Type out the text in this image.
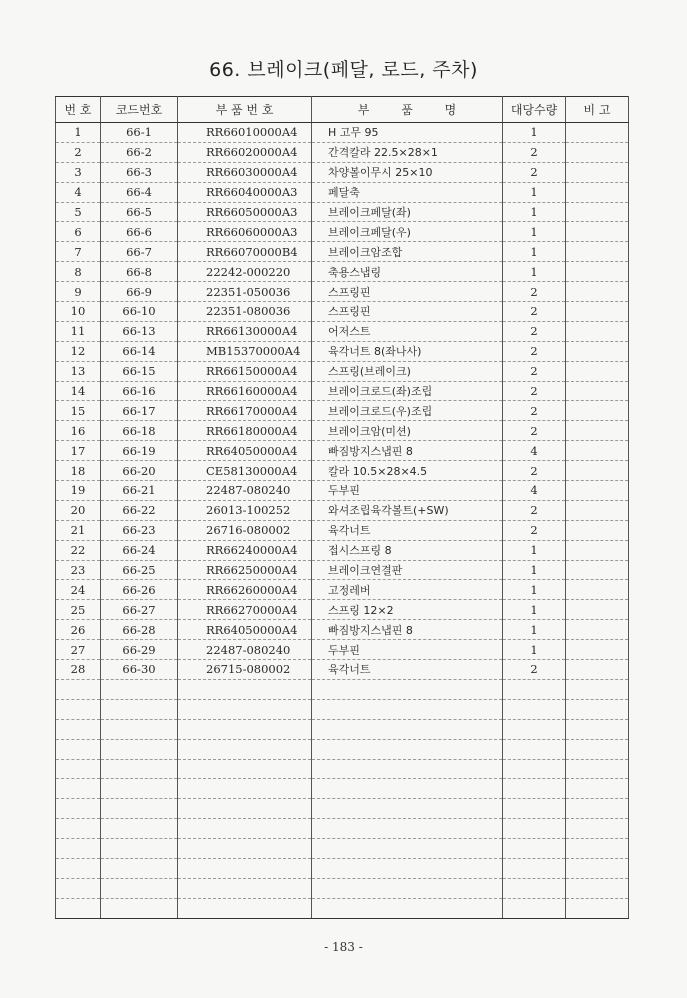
66. 브레이크(페달, 로드, 주차)
번 호	코드번호	부 품 번 호	부 품 명	대당수량	비 고
1	66-1	RR66010000A4	H 고무 95	1	
2	66-2	RR66020000A4	간격칼라 22.5×28×1	2	
3	66-3	RR66030000A4	차양볼이무시 25×10	2	
4	66-4	RR66040000A3	페달축	1	
5	66-5	RR66050000A3	브레이크페달(좌)	1	
6	66-6	RR66060000A3	브레이크페달(우)	1	
7	66-7	RR66070000B4	브레이크암조합	1	
8	66-8	22242-000220	축용스냅링	1	
9	66-9	22351-050036	스프링핀	2	
10	66-10	22351-080036	스프링핀	2	
11	66-13	RR66130000A4	어저스트	2	
12	66-14	MB15370000A4	육각너트 8(좌나사)	2	
13	66-15	RR66150000A4	스프링(브레이크)	2	
14	66-16	RR66160000A4	브레이크로드(좌)조립	2	
15	66-17	RR66170000A4	브레이크로드(우)조립	2	
16	66-18	RR66180000A4	브레이크암(미션)	2	
17	66-19	RR64050000A4	빠짐방지스냅핀 8	4	
18	66-20	CE58130000A4	칼라 10.5×28×4.5	2	
19	66-21	22487-080240	두부핀	4	
20	66-22	26013-100252	와셔조립육각볼트(+SW)	2	
21	66-23	26716-080002	육각너트	2	
22	66-24	RR66240000A4	접시스프링 8	1	
23	66-25	RR66250000A4	브레이크연결판	1	
24	66-26	RR66260000A4	고정레버	1	
25	66-27	RR66270000A4	스프링 12×2	1	
26	66-28	RR64050000A4	빠짐방지스냅핀 8	1	
27	66-29	22487-080240	두부핀	1	
28	66-30	26715-080002	육각너트	2	

- 183 -
